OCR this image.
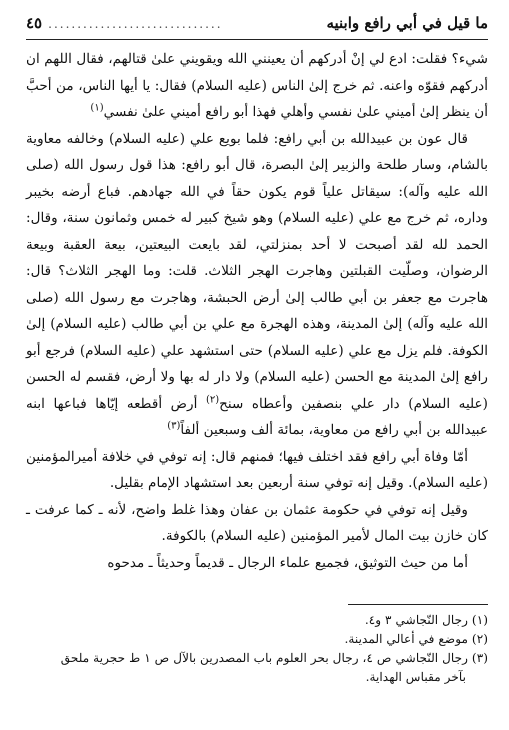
ما قيل في أبي رافع وابنيه
..............................
٤٥

شيء؟ فقلت: ادع لي إنْ أدركهم أن يعينني الله ويقويني علىٰ قتالهم، فقال اللهم ان أدركهم فقوّه واعنه. ثم خرج إلىٰ الناس (عليه السلام) فقال: يا أيها الناس، من أحبَّ أن ينظر إلىٰ أميني علىٰ نفسي وأهلي فهذا أبو رافع أميني علىٰ نفسي$^{(١)}$

قال عون بن عبيدالله بن أبي رافع: فلما بويع علي (عليه السلام) وخالفه معاوية بالشام، وسار طلحة والزبير إلىٰ البصرة، قال أبو رافع: هذا قول رسول الله (صلى الله عليه وآله): سيقاتل علياً قوم يكون حقاً في الله جهادهم. فباع أرضه بخيبر وداره، ثم خرج مع علي (عليه السلام) وهو شيخ كبير له خمس وثمانون سنة، وقال: الحمد لله لقد أصبحت لا أحد بمنزلتي، لقد بايعت البيعتين، بيعة العقبة وبيعة الرضوان، وصلّيت القبلتين وهاجرت الهجر الثلاث. قلت: وما الهجر الثلاث؟ قال: هاجرت مع جعفر بن أبي طالب إلىٰ أرض الحبشة، وهاجرت مع رسول الله (صلى الله عليه وآله) إلىٰ المدينة، وهذه الهجرة مع علي بن أبي طالب (عليه السلام) إلىٰ الكوفة. فلم يزل مع علي (عليه السلام) حتى استشهد علي (عليه السلام) فرجع أبو رافع إلىٰ المدينة مع الحسن (عليه السلام) ولا دار له بها ولا أرض، فقسم له الحسن (عليه السلام) دار علي بنصفين وأعطاه سنح$^{(٢)}$ أرض أقطعه إيّاها فباعها ابنه عبيدالله بن أبي رافع من معاوية، بمائة ألف وسبعين ألفاً$^{(٣)}$

أمّا وفاة أبي رافع فقد اختلف فيها؛ فمنهم قال: إنه توفي في خلافة أميرالمؤمنين (عليه السلام). وقيل إنه توفي سنة أربعين بعد استشهاد الإمام بقليل.

وقيل إنه توفي في حكومة عثمان بن عفان وهذا غلط واضح، لأنه ـ كما عرفت ـ كان خازن بيت المال لأمير المؤمنين (عليه السلام) بالكوفة.

أما من حيث التوثيق، فجميع علماء الرجال ـ قديماً وحديثاً ـ مدحوه

(١) رجال النّجاشي ٣ و٤.

(٢) موضع في أعالي المدينة.

(٣) رجال النّجاشي ص ٤، رجال بحر العلوم باب المصدرين بالآل ص ١ ط حجرية ملحق

بآخر مقباس الهداية.
